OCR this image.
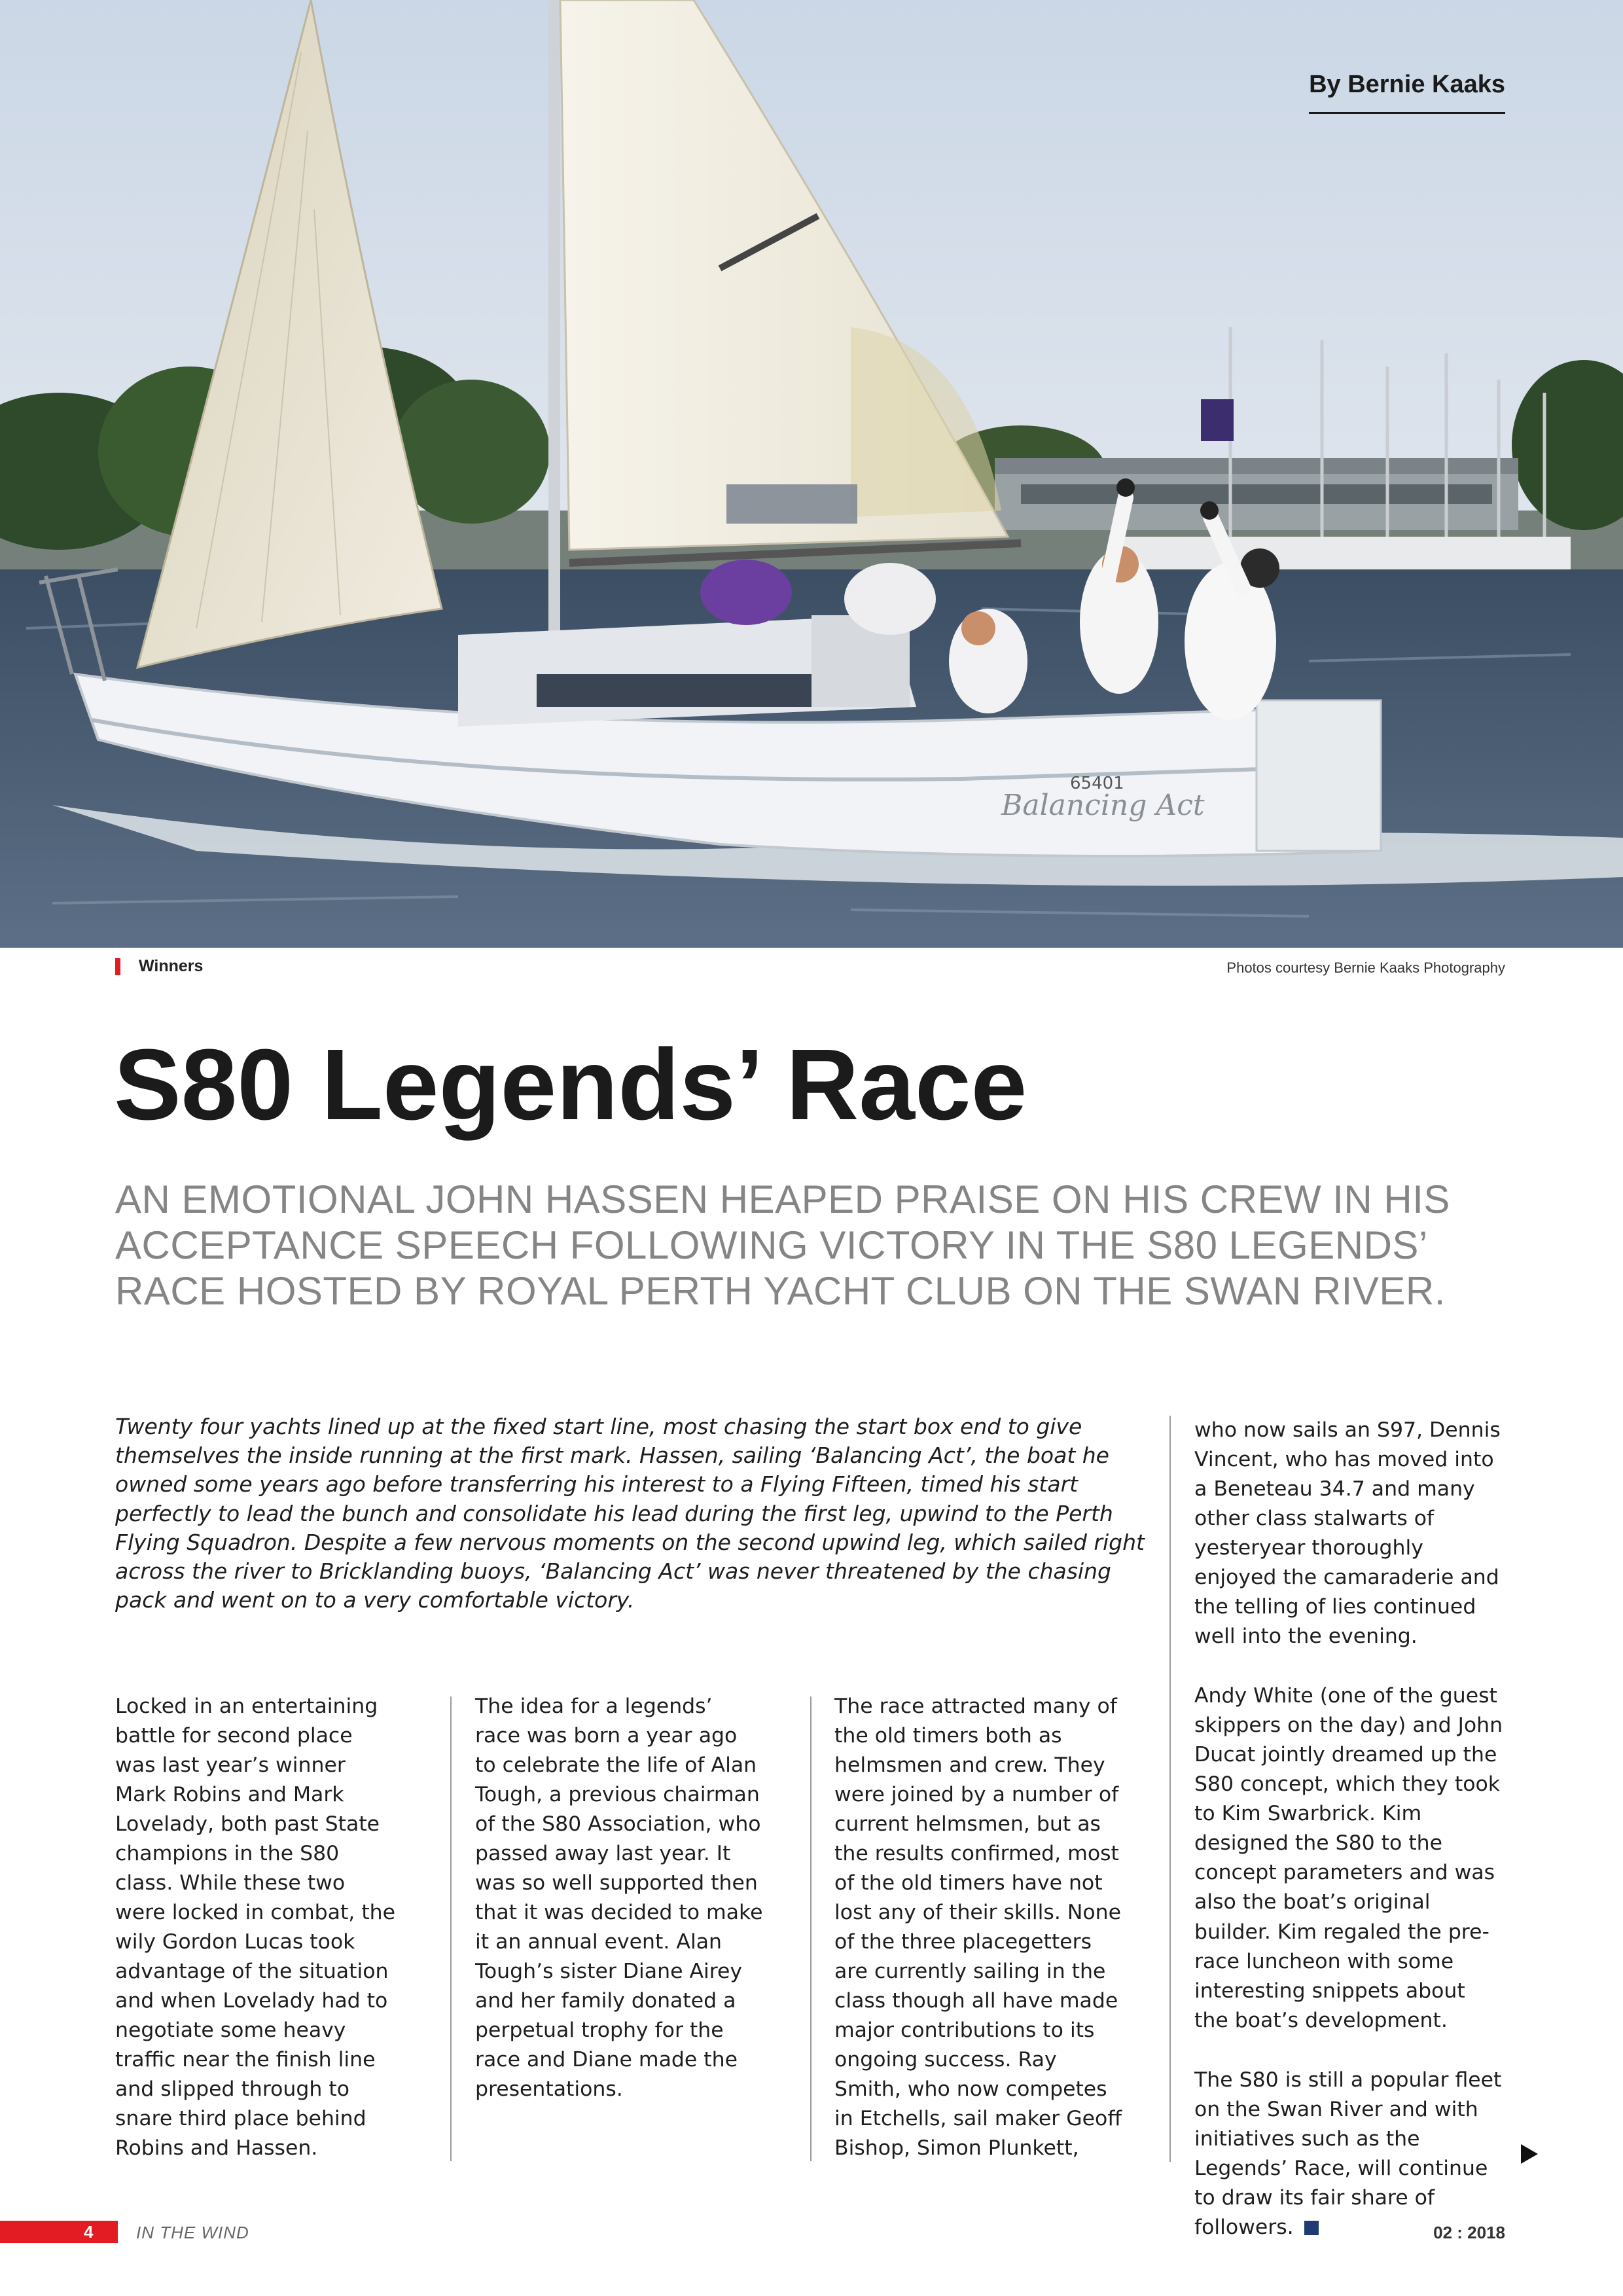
65401
Balancing Act
By Bernie Kaaks
Winners	Photos courtesy Bernie Kaaks Photography
S80 Legends’ Race
AN EMOTIONAL JOHN HASSEN HEAPED PRAISE ON HIS CREW IN HIS ACCEPTANCE SPEECH FOLLOWING VICTORY IN THE S80 LEGENDS’ RACE HOSTED BY ROYAL PERTH YACHT CLUB ON THE SWAN RIVER.

Twenty four yachts lined up at the fixed start line, most chasing the start box end to give themselves the inside running at the first mark. Hassen, sailing ‘Balancing Act’, the boat he owned some years ago before transferring his interest to a Flying Fifteen, timed his start perfectly to lead the bunch and consolidate his lead during the first leg, upwind to the Perth Flying Squadron. Despite a few nervous moments on the second upwind leg, which sailed right across the river to Bricklanding buoys, ‘Balancing Act’ was never threatened by the chasing pack and went on to a very comfortable victory.

Locked in an entertaining battle for second place was last year’s winner Mark Robins and Mark Lovelady, both past State champions in the S80 class. While these two were locked in combat, the wily Gordon Lucas took advantage of the situation and when Lovelady had to negotiate some heavy traffic near the finish line and slipped through to snare third place behind Robins and Hassen.

The idea for a legends’ race was born a year ago to celebrate the life of Alan Tough, a previous chairman of the S80 Association, who passed away last year. It was so well supported then that it was decided to make it an annual event. Alan Tough’s sister Diane Airey and her family donated a perpetual trophy for the race and Diane made the presentations.

The race attracted many of the old timers both as helmsmen and crew. They were joined by a number of current helmsmen, but as the results confirmed, most of the old timers have not lost any of their skills. None of the three placegetters are currently sailing in the class though all have made major contributions to its ongoing success. Ray Smith, who now competes in Etchells, sail maker Geoff Bishop, Simon Plunkett,

who now sails an S97, Dennis Vincent, who has moved into a Beneteau 34.7 and many other class stalwarts of yesteryear thoroughly enjoyed the camaraderie and the telling of lies continued well into the evening.

Andy White (one of the guest skippers on the day) and John Ducat jointly dreamed up the S80 concept, which they took to Kim Swarbrick. Kim designed the S80 to the concept parameters and was also the boat’s original builder. Kim regaled the pre-race luncheon with some interesting snippets about the boat’s development.

The S80 is still a popular fleet on the Swan River and with initiatives such as the Legends’ Race, will continue to draw its fair share of followers.

4	IN THE WIND	02 : 2018
